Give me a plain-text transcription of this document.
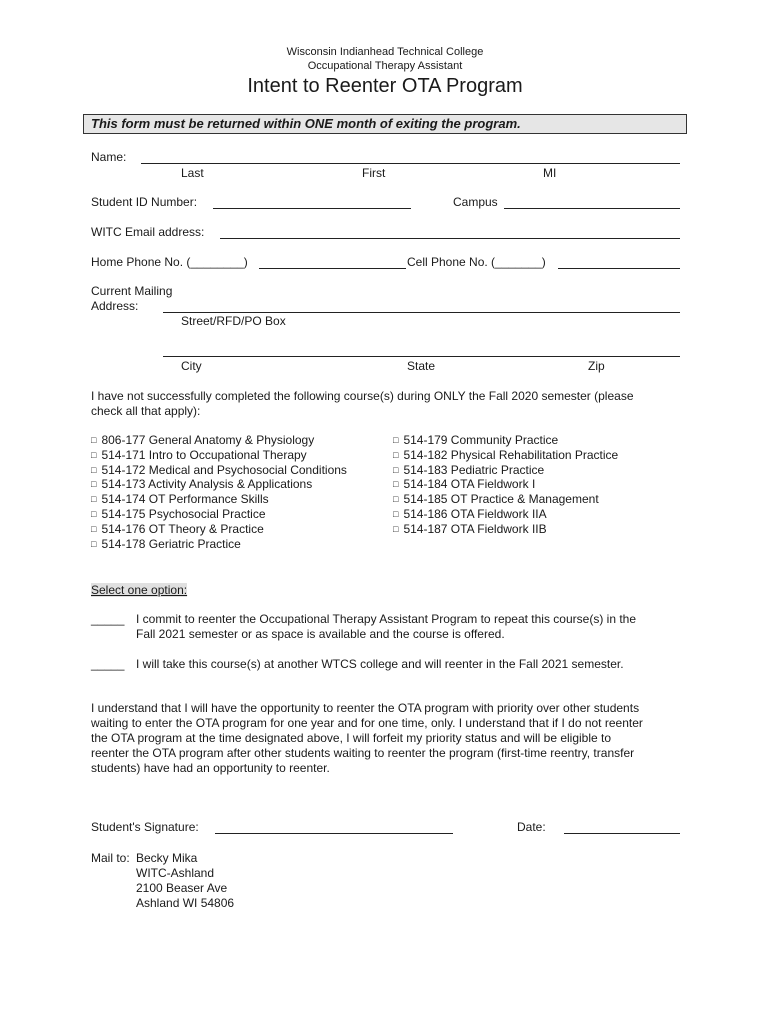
Wisconsin Indianhead Technical College
Occupational Therapy Assistant
Intent to Reenter OTA Program
This form must be returned within ONE month of exiting the program.
Name:
Last	First	MI
Student ID Number:	Campus
WITC Email address:
Home Phone No. (________)	Cell Phone No. (_______)
Current Mailing
Address:
Street/RFD/PO Box
City	State	Zip
I have not successfully completed the following course(s) during ONLY the Fall 2020 semester (please
check all that apply):
□ 806-177 General Anatomy & Physiology
□ 514-171 Intro to Occupational Therapy
□ 514-172 Medical and Psychosocial Conditions
□ 514-173 Activity Analysis & Applications
□ 514-174 OT Performance Skills
□ 514-175 Psychosocial Practice
□ 514-176 OT Theory & Practice
□ 514-178 Geriatric Practice
□ 514-179 Community Practice
□ 514-182 Physical Rehabilitation Practice
□ 514-183 Pediatric Practice
□ 514-184 OTA Fieldwork I
□ 514-185 OT Practice & Management
□ 514-186 OTA Fieldwork IIA
□ 514-187 OTA Fieldwork IIB
Select one option:
_____ I commit to reenter the Occupational Therapy Assistant Program to repeat this course(s) in the
Fall 2021 semester or as space is available and the course is offered.
_____ I will take this course(s) at another WTCS college and will reenter in the Fall 2021 semester.
I understand that I will have the opportunity to reenter the OTA program with priority over other students
waiting to enter the OTA program for one year and for one time, only. I understand that if I do not reenter
the OTA program at the time designated above, I will forfeit my priority status and will be eligible to
reenter the OTA program after other students waiting to reenter the program (first-time reentry, transfer
students) have had an opportunity to reenter.
Student's Signature:	Date:
Mail to: Becky Mika
WITC-Ashland
2100 Beaser Ave
Ashland WI 54806
